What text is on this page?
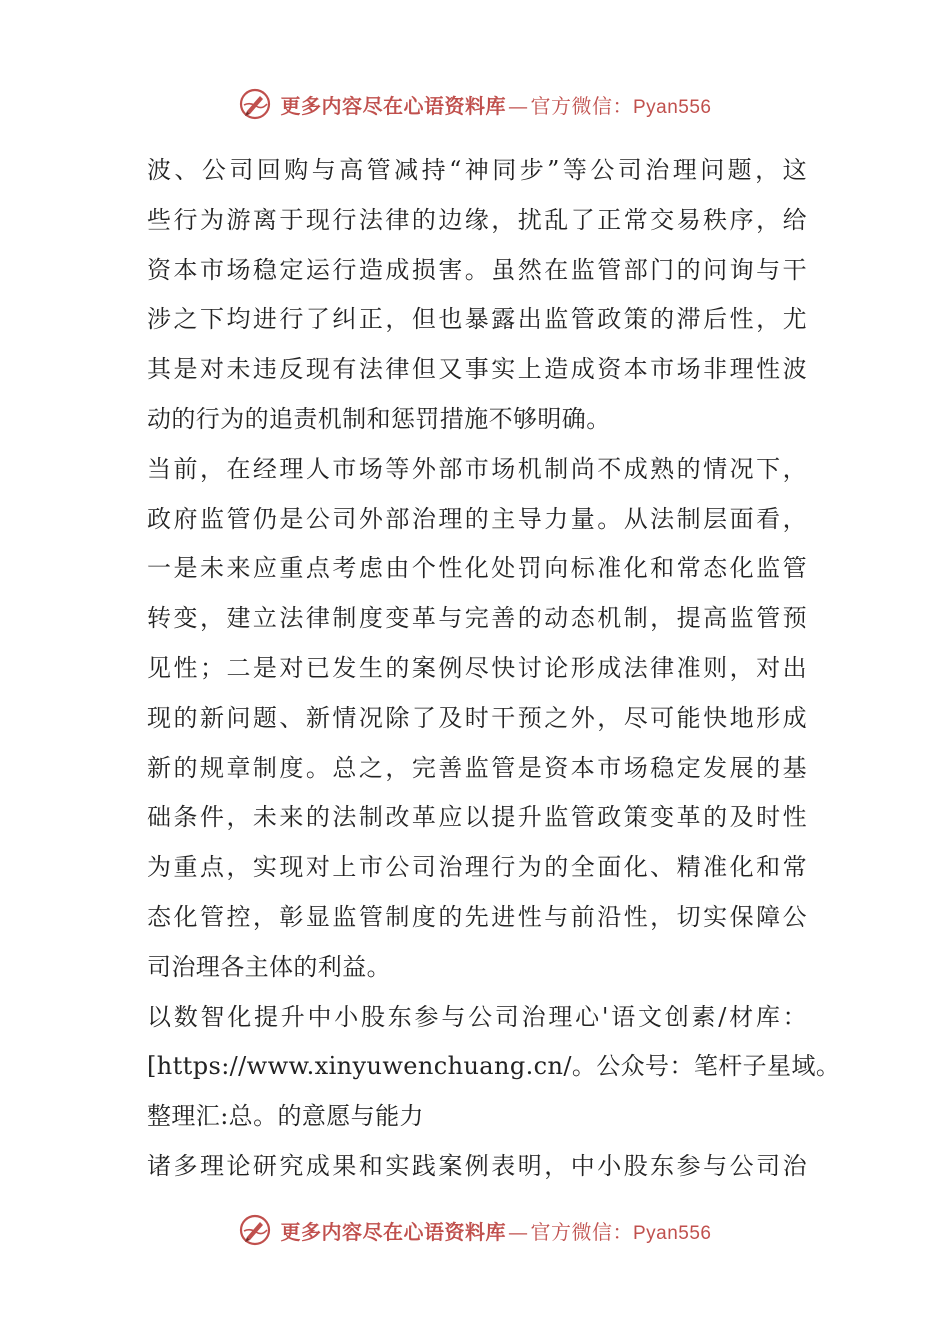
更多内容尽在心语资料库 — 官方微信：Pyan556
波、公司回购与高管减持“神同步”等公司治理问题，这
些行为游离于现行法律的边缘，扰乱了正常交易秩序，给
资本市场稳定运行造成损害。虽然在监管部门的问询与干
涉之下均进行了纠正，但也暴露出监管政策的滞后性，尤
其是对未违反现有法律但又事实上造成资本市场非理性波
动的行为的追责机制和惩罚措施不够明确。
当前，在经理人市场等外部市场机制尚不成熟的情况下，
政府监管仍是公司外部治理的主导力量。从法制层面看，
一是未来应重点考虑由个性化处罚向标准化和常态化监管
转变，建立法律制度变革与完善的动态机制，提高监管预
见性；二是对已发生的案例尽快讨论形成法律准则，对出
现的新问题、新情况除了及时干预之外，尽可能快地形成
新的规章制度。总之，完善监管是资本市场稳定发展的基
础条件，未来的法制改革应以提升监管政策变革的及时性
为重点，实现对上市公司治理行为的全面化、精准化和常
态化管控，彰显监管制度的先进性与前沿性，切实保障公
司治理各主体的利益。
以数智化提升中小股东参与公司治理心'语文创素/材库：
[https://www.xinyuwenchuang.cn/。公众号：笔杆子星域。
整理汇:总。的意愿与能力
诸多理论研究成果和实践案例表明，中小股东参与公司治
更多内容尽在心语资料库 — 官方微信：Pyan556
